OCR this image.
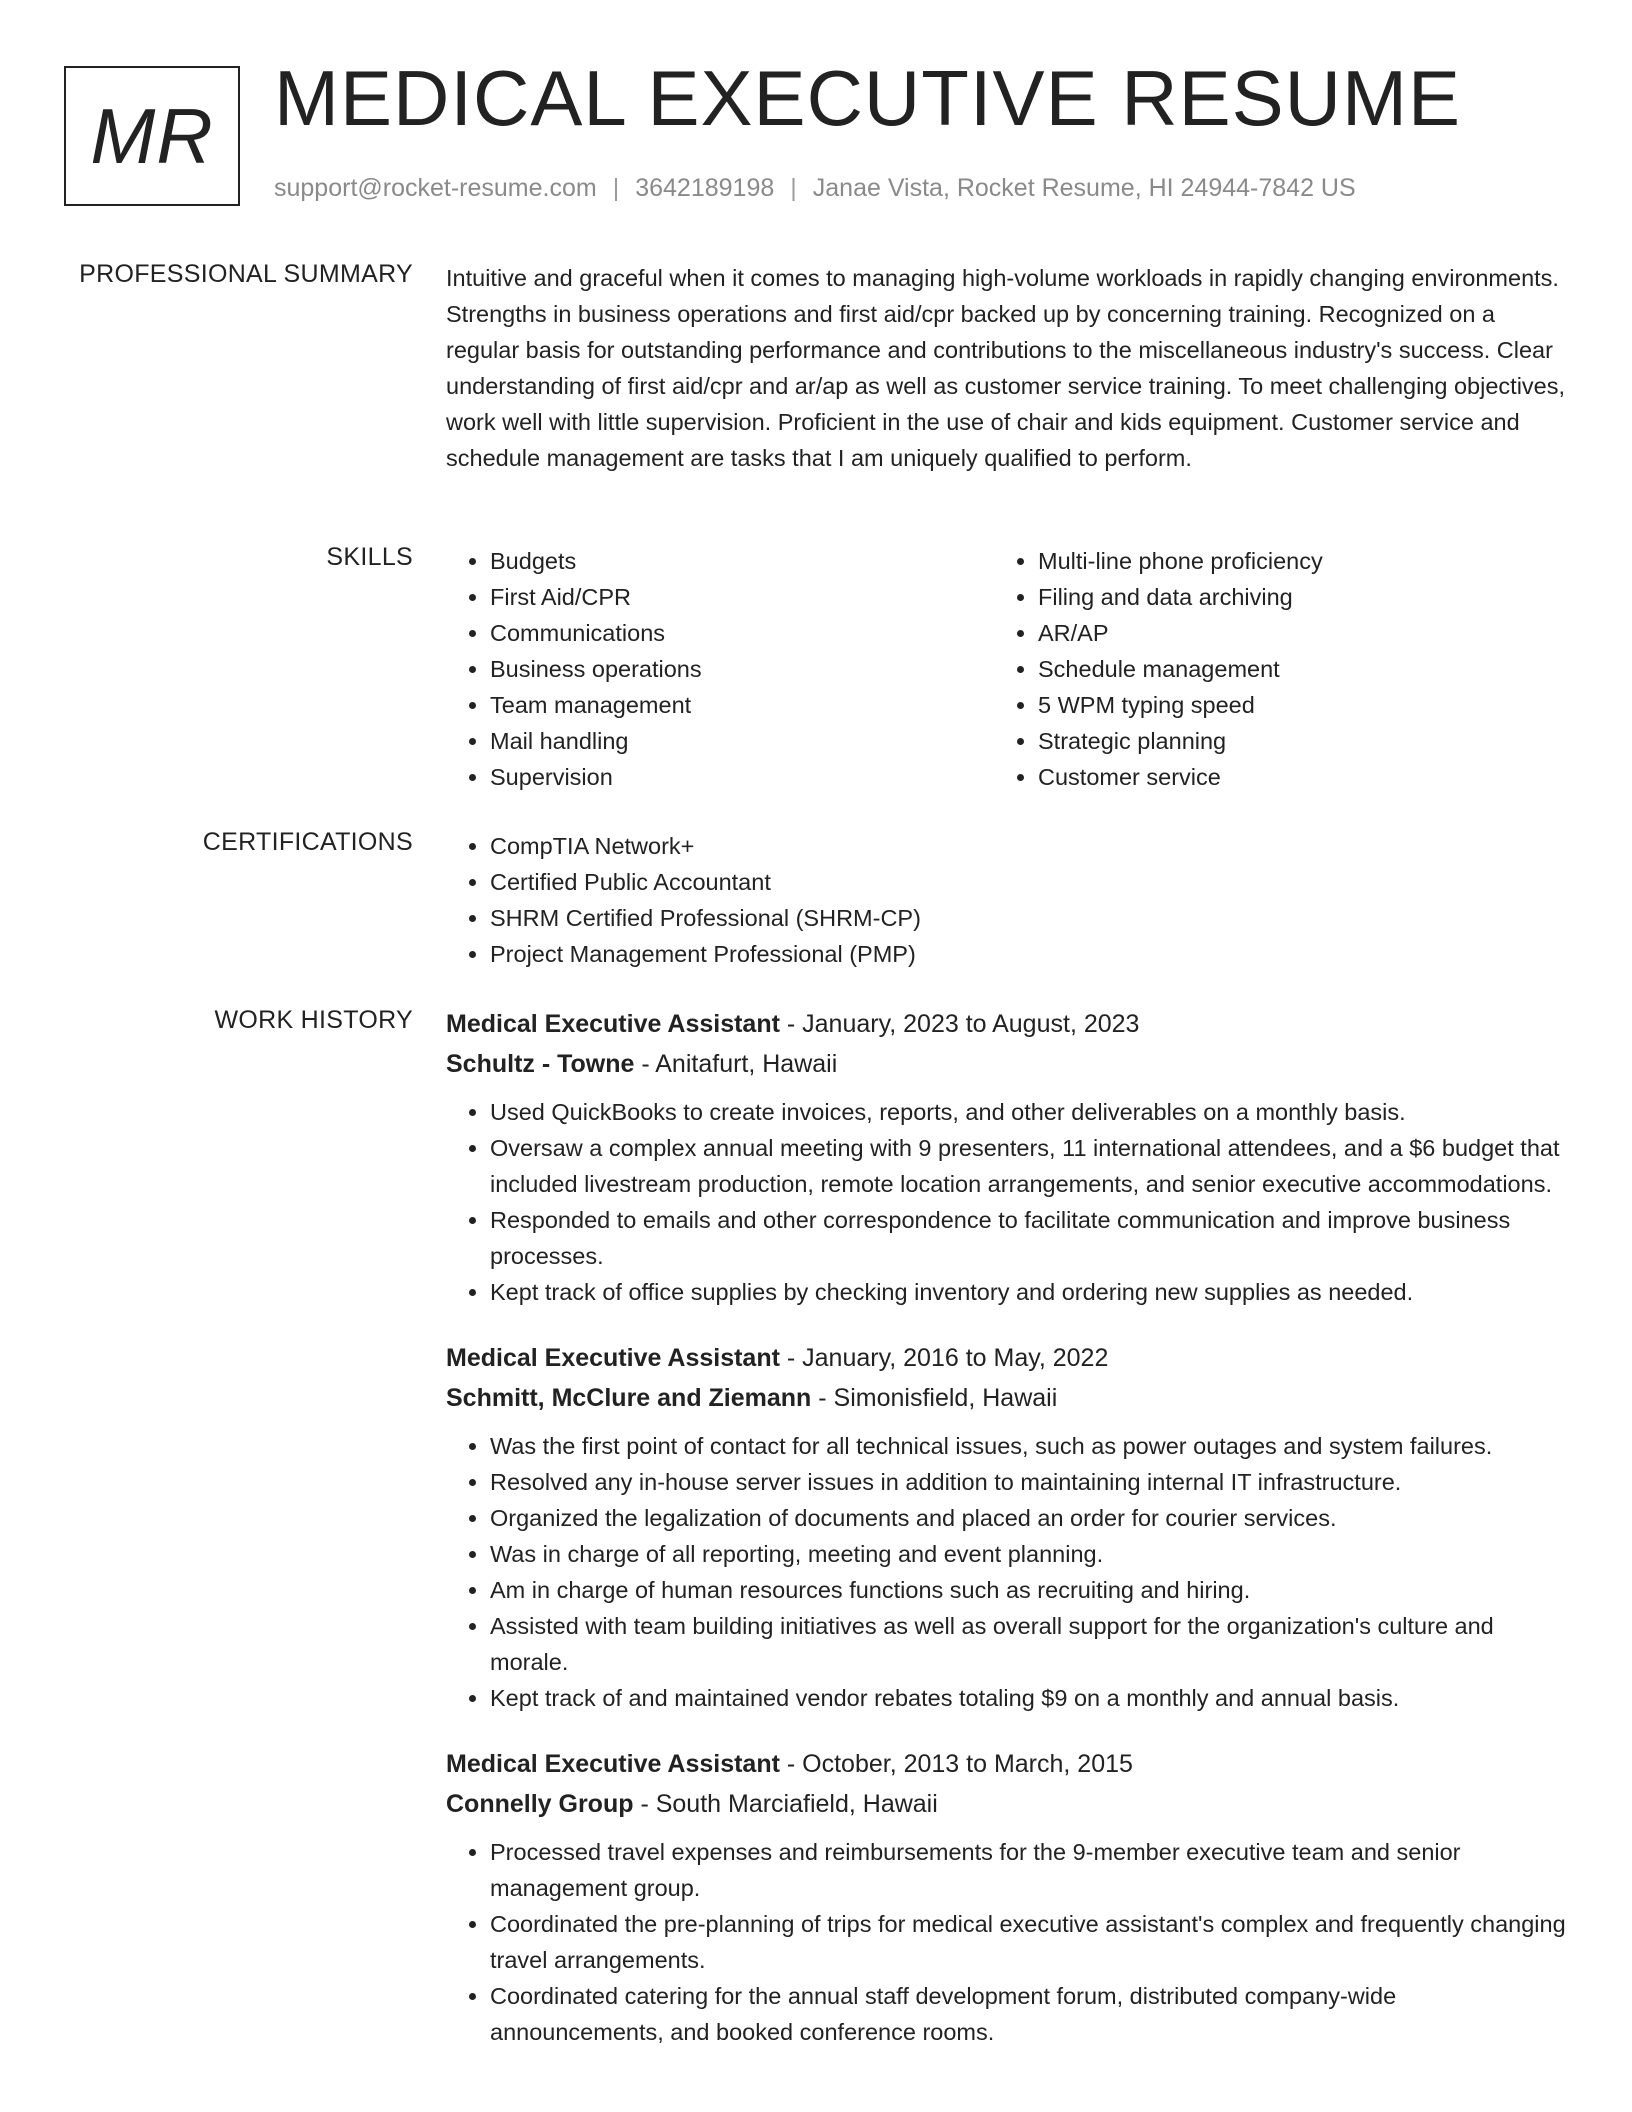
MR MEDICAL EXECUTIVE RESUME
support@rocket-resume.com | 3642189198 | Janae Vista, Rocket Resume, HI 24944-7842 US
PROFESSIONAL SUMMARY Intuitive and graceful when it comes to managing high-volume workloads in rapidly changing environments. Strengths in business operations and first aid/cpr backed up by concerning training. Recognized on a regular basis for outstanding performance and contributions to the miscellaneous industry's success. Clear understanding of first aid/cpr and ar/ap as well as customer service training. To meet challenging objectives, work well with little supervision. Proficient in the use of chair and kids equipment. Customer service and schedule management are tasks that I am uniquely qualified to perform.
SKILLS	• Budgets
• First Aid/CPR
• Communications
• Business operations
• Team management
• Mail handling
• Supervision
• Multi-line phone proficiency
• Filing and data archiving
• AR/AP
• Schedule management
• 5 WPM typing speed
• Strategic planning
• Customer service
CERTIFICATIONS	• CompTIA Network+
• Certified Public Accountant
• SHRM Certified Professional (SHRM-CP)
• Project Management Professional (PMP)
WORK HISTORY Medical Executive Assistant - January, 2023 to August, 2023
Schultz - Towne - Anitafurt, Hawaii
• Used QuickBooks to create invoices, reports, and other deliverables on a monthly basis.
• Oversaw a complex annual meeting with 9 presenters, 11 international attendees, and a $6 budget that included livestream production, remote location arrangements, and senior executive accommodations.
• Responded to emails and other correspondence to facilitate communication and improve business processes.
• Kept track of office supplies by checking inventory and ordering new supplies as needed.
Medical Executive Assistant - January, 2016 to May, 2022
Schmitt, McClure and Ziemann - Simonisfield, Hawaii
• Was the first point of contact for all technical issues, such as power outages and system failures.
• Resolved any in-house server issues in addition to maintaining internal IT infrastructure.
• Organized the legalization of documents and placed an order for courier services.
• Was in charge of all reporting, meeting and event planning.
• Am in charge of human resources functions such as recruiting and hiring.
• Assisted with team building initiatives as well as overall support for the organization's culture and morale.
• Kept track of and maintained vendor rebates totaling $9 on a monthly and annual basis.
Medical Executive Assistant - October, 2013 to March, 2015
Connelly Group - South Marciafield, Hawaii
• Processed travel expenses and reimbursements for the 9-member executive team and senior management group.
• Coordinated the pre-planning of trips for medical executive assistant's complex and frequently changing travel arrangements.
• Coordinated catering for the annual staff development forum, distributed company-wide announcements, and booked conference rooms.
